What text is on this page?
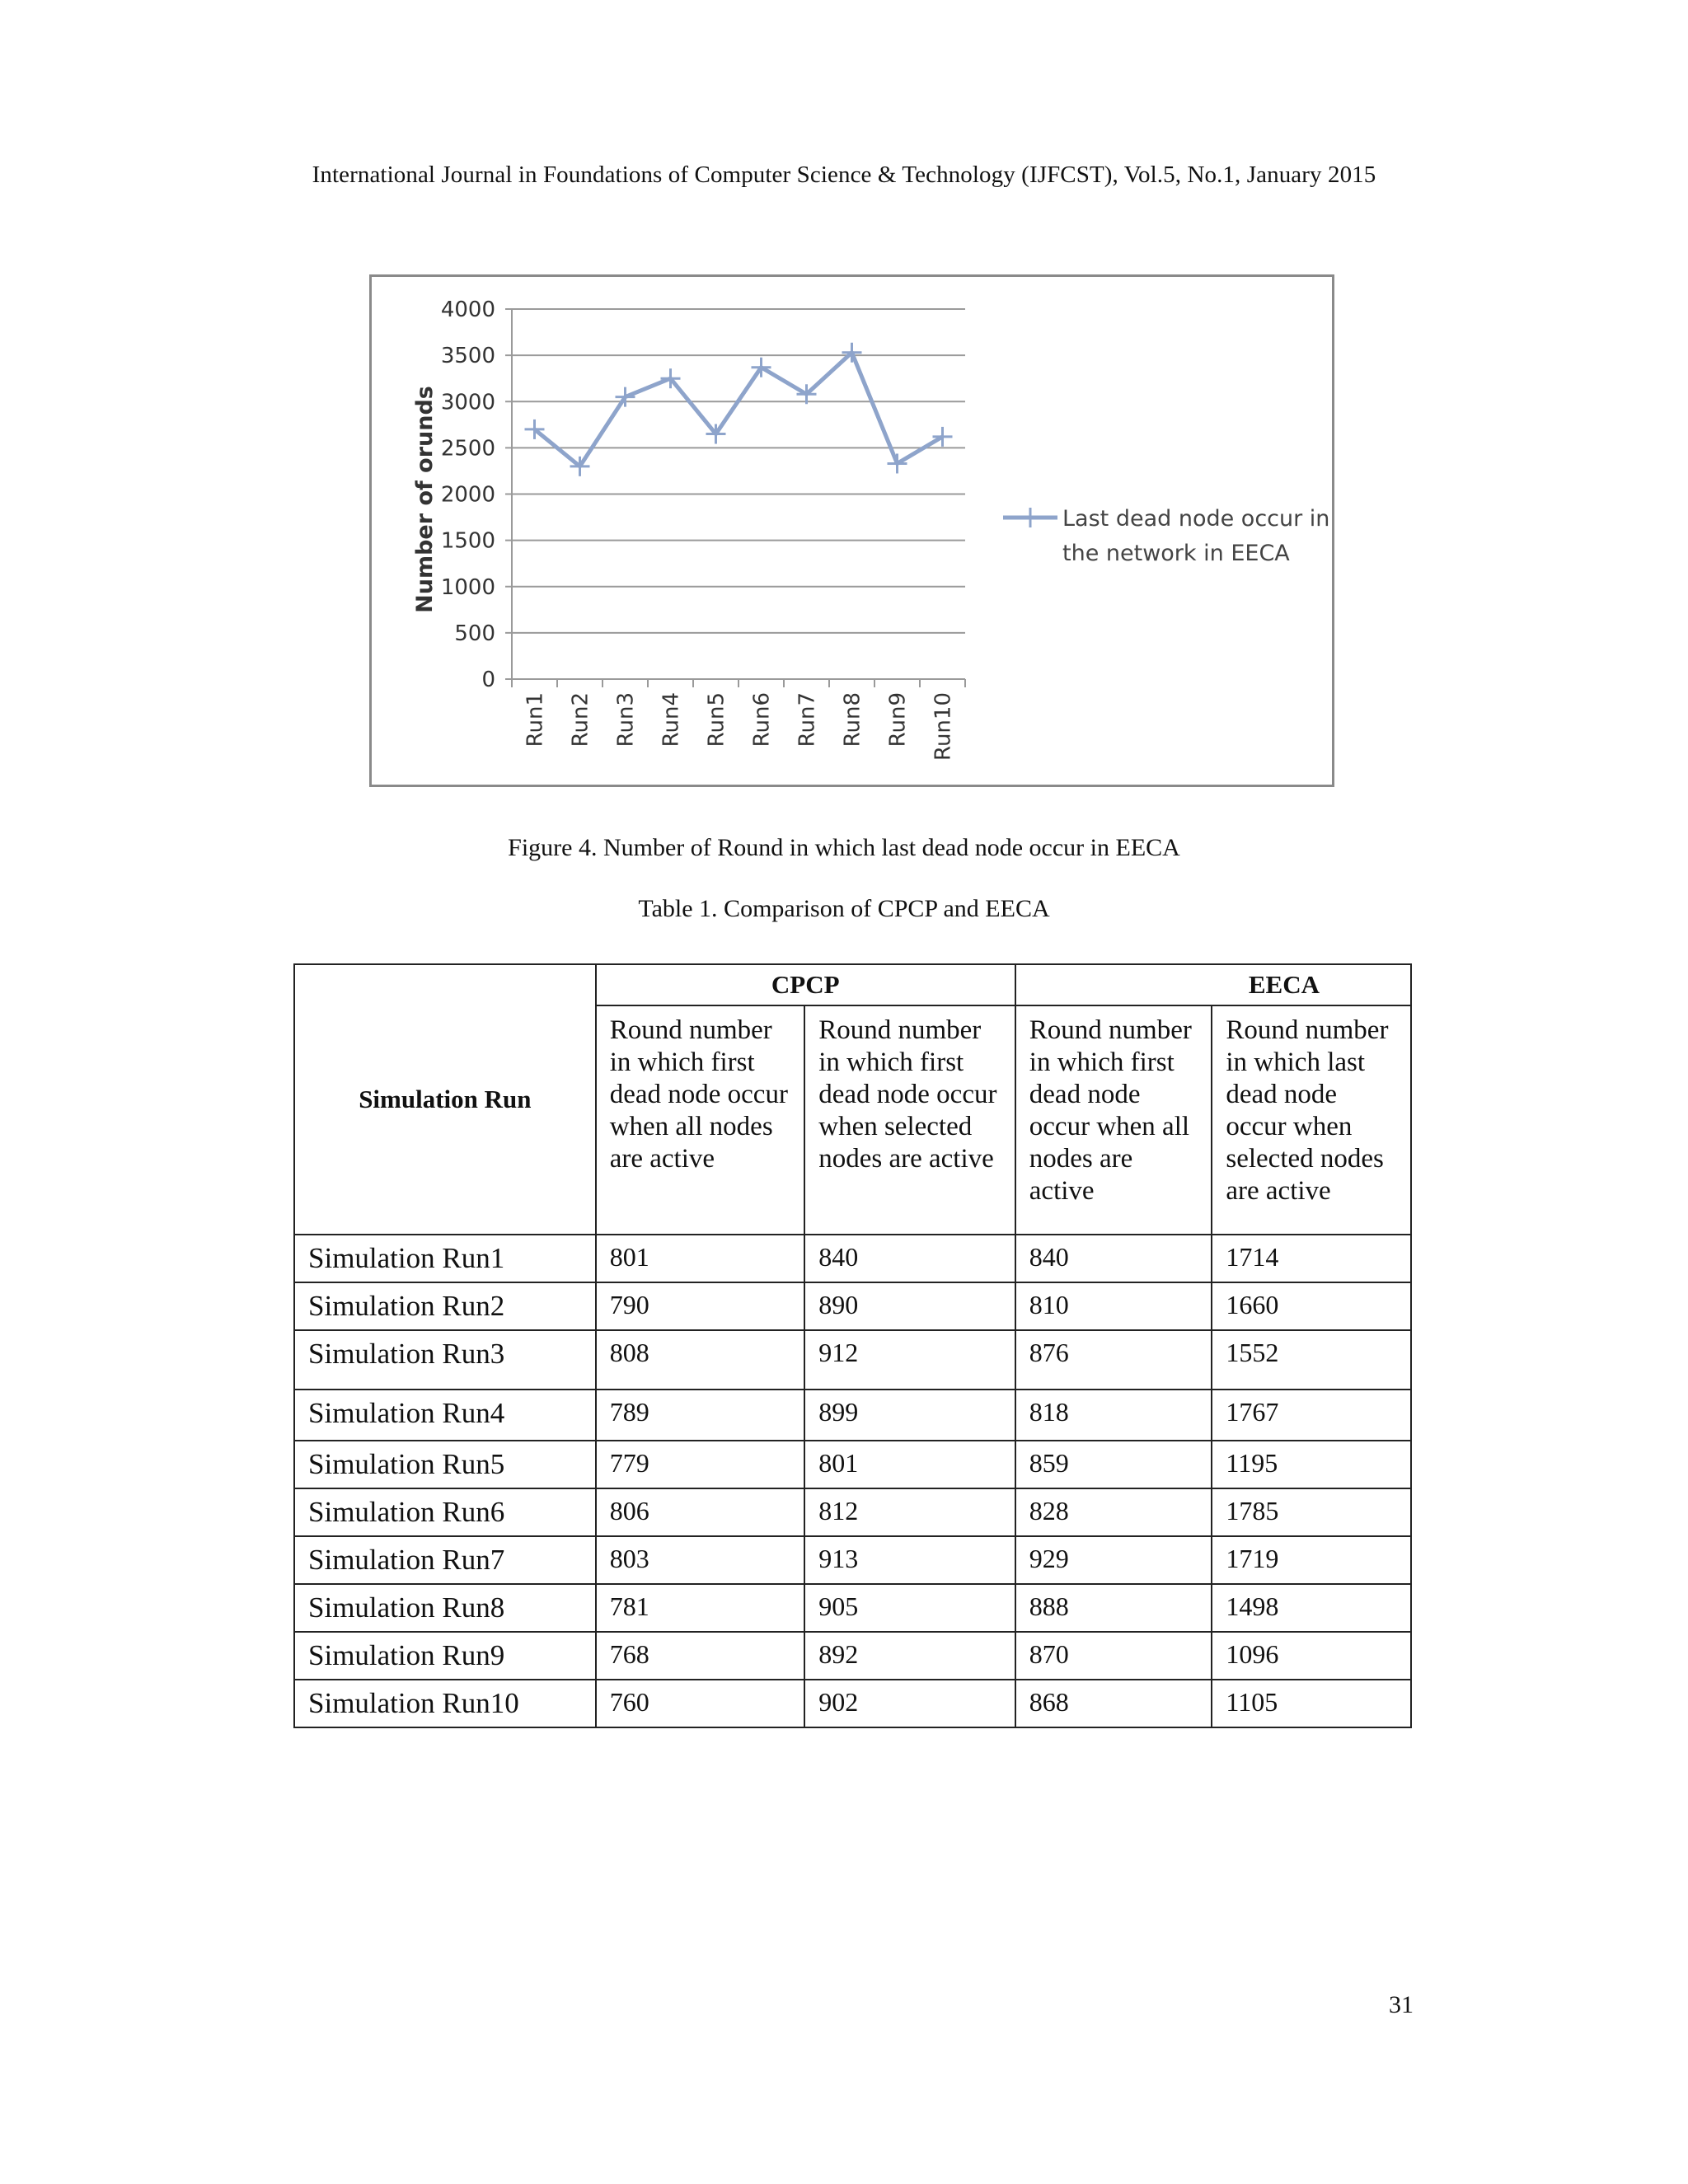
International Journal in Foundations of Computer Science & Technology (IJFCST), Vol.5, No.1, January 2015
0
500
1000
1500
2000
2500
3000
3500
4000
Run1 Run2 Run3 Run4 Run5 Run6 Run7 Run8 Run9 Run10
Last dead node occur in
the network in EECA
Number of orunds
Figure 4. Number of Round in which last dead node occur in EECA
Table 1. Comparison of CPCP and EECA
Simulation Run	CPCP		EECA	
	Round number in which first dead node occur when all nodes are active	Round number in which first dead node occur when selected nodes are active	Round number in which first dead node occur when all nodes are active	Round number in which last dead node occur when selected nodes are active
Simulation Run1	801	840	840	1714
Simulation Run2	790	890	810	1660
Simulation Run3	808	912	876	1552
Simulation Run4	789	899	818	1767
Simulation Run5	779	801	859	1195
Simulation Run6	806	812	828	1785
Simulation Run7	803	913	929	1719
Simulation Run8	781	905	888	1498
Simulation Run9	768	892	870	1096
Simulation Run10	760	902	868	1105
31
